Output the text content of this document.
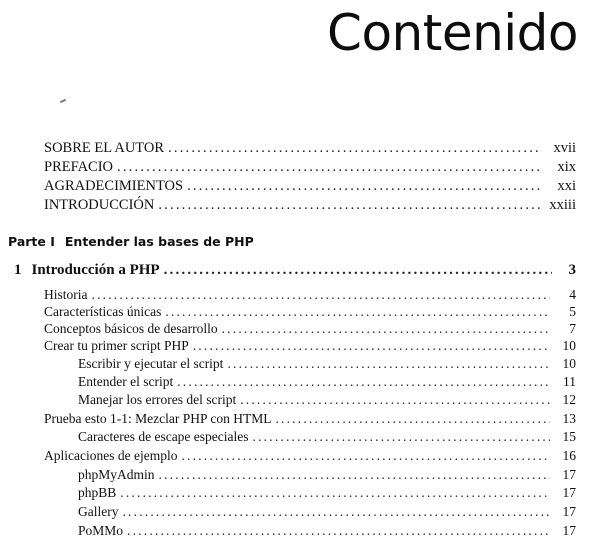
Contenido
SOBRE EL AUTOR .....	xvii
PREFACIO .....	xix
AGRADECIMIENTOS .....	xxi
INTRODUCCIÓN .....	xxiii
Parte I Entender las bases de PHP
1 Introducción a PHP .....	3
Historia .....	4
Características únicas .....	5
Conceptos básicos de desarrollo .....	7
Crear tu primer script PHP .....	10
Escribir y ejecutar el script .....	10
Entender el script .....	11
Manejar los errores del script .....	12
Prueba esto 1-1: Mezclar PHP con HTML .....	13
Caracteres de escape especiales .....	15
Aplicaciones de ejemplo .....	16
phpMyAdmin .....	17
phpBB .....	17
Gallery .....	17
PoMMo .....	17
